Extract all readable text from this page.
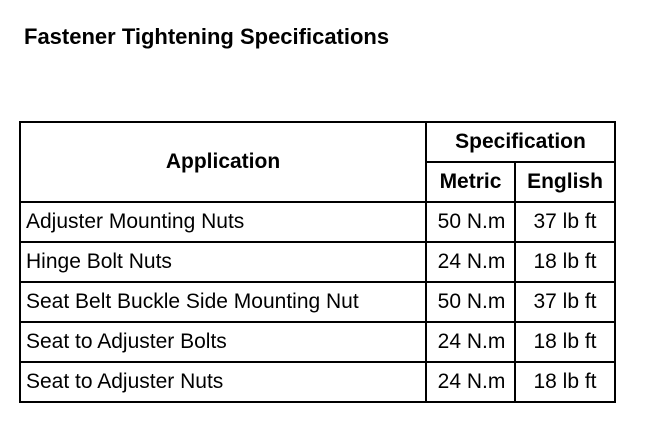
Fastener Tightening Specifications
Application	Specification	
	Metric	English
Adjuster Mounting Nuts	50 N.m	37 lb ft
Hinge Bolt Nuts	24 N.m	18 lb ft
Seat Belt Buckle Side Mounting Nut	50 N.m	37 lb ft
Seat to Adjuster Bolts	24 N.m	18 lb ft
Seat to Adjuster Nuts	24 N.m	18 lb ft
